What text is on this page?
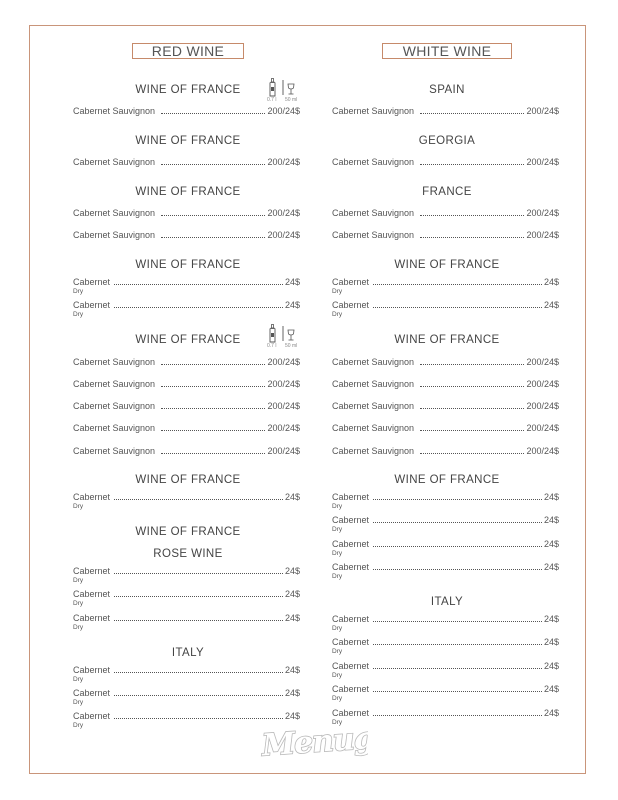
RED WINE	WHITE WINE
WINE OF FRANCE
0.7 l 50 ml
Cabernet Sauvignon	200/24$
WINE OF FRANCE
Cabernet Sauvignon	200/24$
WINE OF FRANCE
Cabernet Sauvignon	200/24$
Cabernet Sauvignon	200/24$
WINE OF FRANCE
Cabernet	24$
Dry
Cabernet	24$
Dry
WINE OF FRANCE	0.7 l 50 ml
Cabernet Sauvignon	200/24$
Cabernet Sauvignon	200/24$
Cabernet Sauvignon	200/24$
Cabernet Sauvignon	200/24$
Cabernet Sauvignon	200/24$
WINE OF FRANCE
Cabernet	24$
Dry
WINE OF FRANCE
ROSE WINE
Cabernet	24$
Dry
Cabernet	24$
Dry
Cabernet	24$
Dry
ITALY
Cabernet	24$
Dry
Cabernet	24$
Dry
Cabernet	24$
Dry
SPAIN
Cabernet Sauvignon	200/24$
GEORGIA
Cabernet Sauvignon	200/24$
FRANCE
Cabernet Sauvignon	200/24$
Cabernet Sauvignon	200/24$
WINE OF FRANCE
Cabernet	24$
Dry
Cabernet	24$
Dry
WINE OF FRANCE
Cabernet Sauvignon	200/24$
Cabernet Sauvignon	200/24$
Cabernet Sauvignon	200/24$
Cabernet Sauvignon	200/24$
Cabernet Sauvignon	200/24$
WINE OF FRANCE
Cabernet	24$
Dry
Cabernet	24$
Dry
Cabernet	24$
Dry
Cabernet	24$
Dry
ITALY
Cabernet	24$
Dry
Cabernet	24$
Dry
Cabernet	24$
Dry
Cabernet	24$
Dry
Cabernet	24$
Dry
Menugo
